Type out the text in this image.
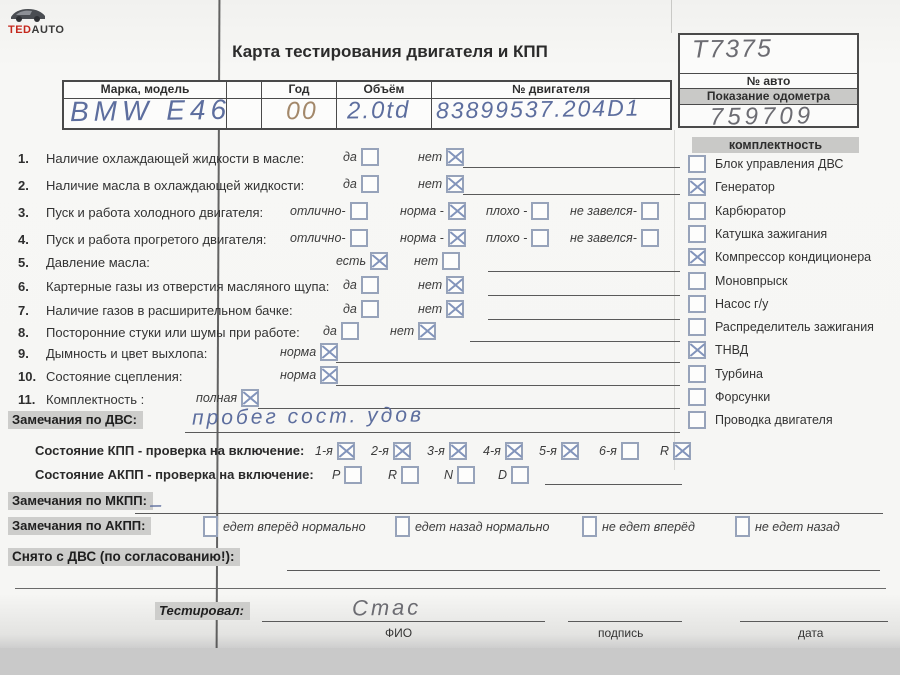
TEDAUTO
Карта тестирования двигателя и КПП	T7375
№ авто
Показание одометра
759709
Марка, модель	Год	Объём	№ двигателя
BMW E46 00 2.0td 83899537.204D1
1.	Наличие охлаждающей жидкости в масле:	да	нет
2.	Наличие масла в охлаждающей жидкости:	да	нет
3.	Пуск и работа холодного двигателя: отлично-	норма -	плохо -	не завелся-
4.	Пуск и работа прогретого двигателя: отлично-	норма -	плохо -	не завелся-
5.	Давление масла:	есть	нет
6.	Картерные газы из отверстия масляного щупа: да	нет
7.	Наличие газов в расширительном бачке:	да	нет
8.	Посторонние стуки или шумы при работе: да	нет
9.	Дымность и цвет выхлопа:	норма
10. Состояние сцепления:	норма
11. Комплектность :	полная
Замечания по ДВС:	пробег сост. удов
Состояние КПП - проверка на включение: 1-я	2-я	3-я	4-я	5-я	6-я	R
Состояние АКПП - проверка на включение: P	R	N	D
Замечания по МКПП: –
Замечания по АКПП:	едет вперёд нормально	едет назад нормально	не едет вперёд	не едет назад
Снято с ДВС (по согласованию!):
Тестировал:	Стас
ФИО	подпись	дата
комплектность
Блок управления ДВС
Генератор
Карбюратор
Катушка зажигания
Компрессор кондиционера
Моновпрыск
Насос г/у
Распределитель зажигания
ТНВД
Турбина
Форсунки
Проводка двигателя
